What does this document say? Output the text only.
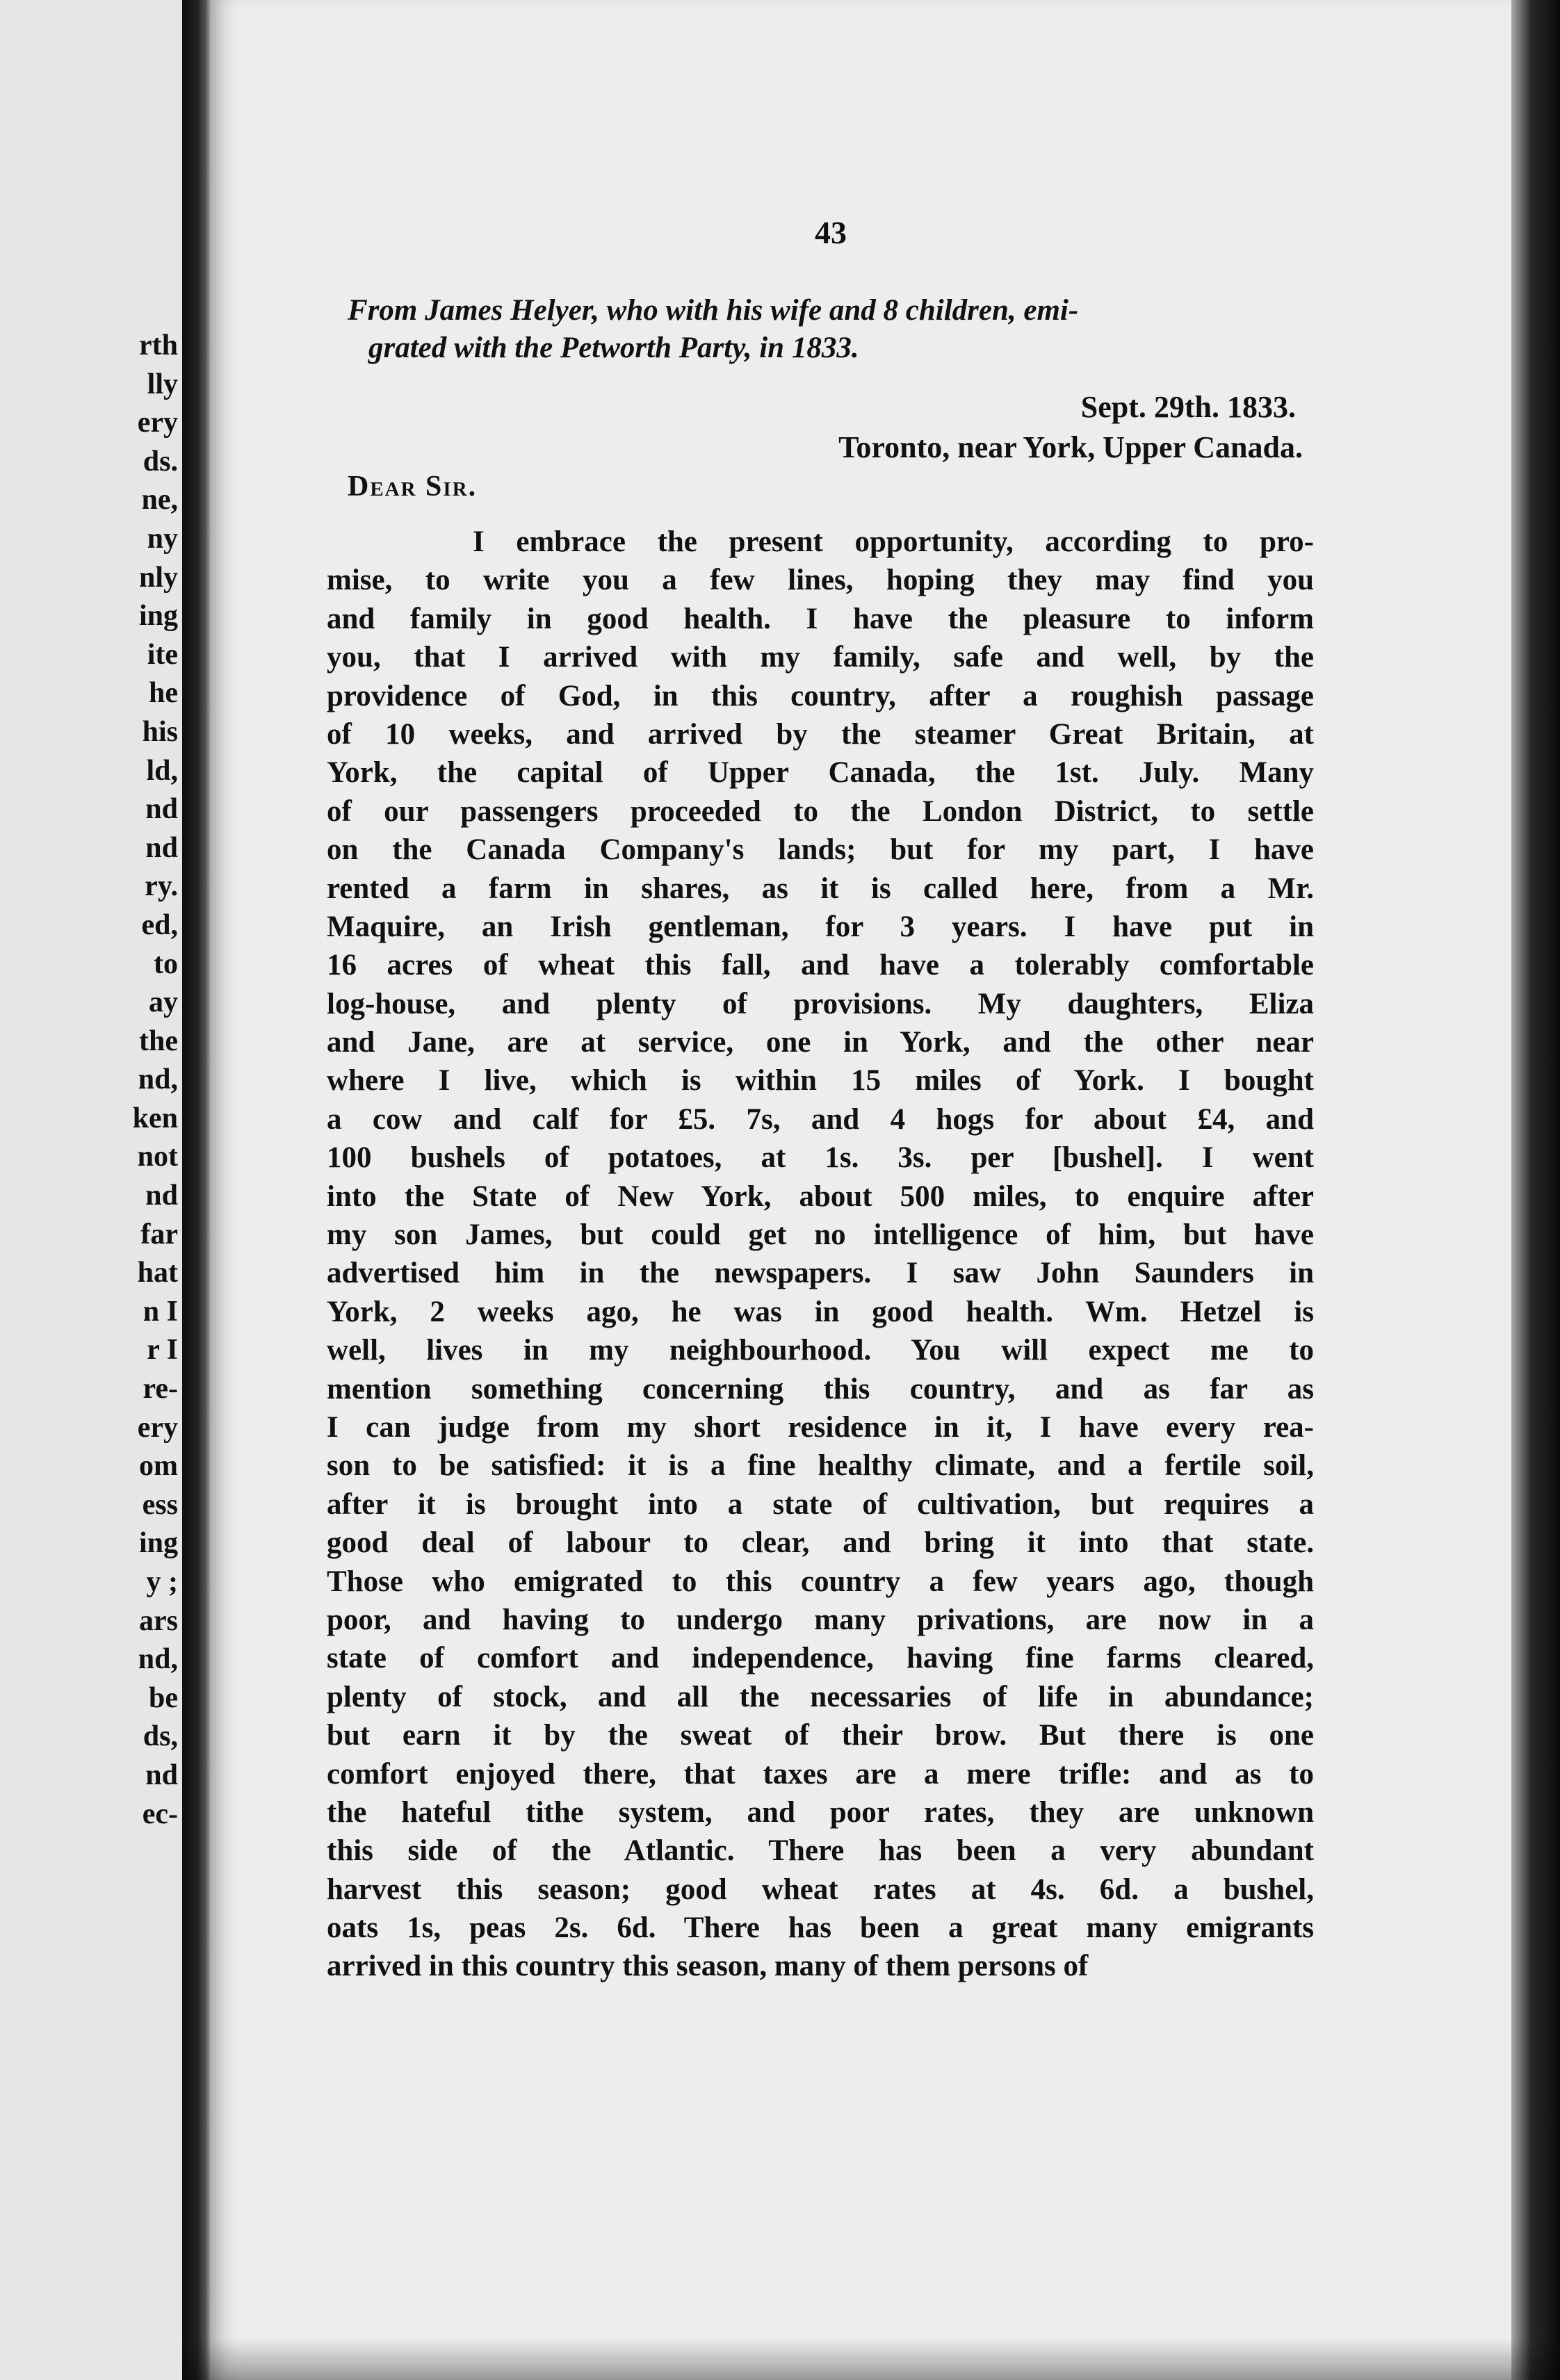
rth
lly
ery
ds.
ne,
ny
nly
ing
ite
he
his
ld,
nd
nd
ry.
ed,
to
ay
the
nd,
ken
not
nd
far
hat
n I
r I
re-
ery
om
ess
ing
y ;
ars
nd,
be
ds,
nd
ec-
43
From James Helyer, who with his wife and 8 children, emi-
grated with the Petworth Party, in 1833.
Sept. 29th. 1833.
Toronto, near York, Upper Canada.
Dear Sir.
I embrace the present opportunity, according to pro-
mise, to write you a few lines, hoping they may find you
and family in good health. I have the pleasure to inform
you, that I arrived with my family, safe and well, by the
providence of God, in this country, after a roughish passage
of 10 weeks, and arrived by the steamer Great Britain, at
York, the capital of Upper Canada, the 1st. July. Many
of our passengers proceeded to the London District, to settle
on the Canada Company's lands; but for my part, I have
rented a farm in shares, as it is called here, from a Mr.
Maquire, an Irish gentleman, for 3 years. I have put in
16 acres of wheat this fall, and have a tolerably comfortable
log-house, and plenty of provisions. My daughters, Eliza
and Jane, are at service, one in York, and the other near
where I live, which is within 15 miles of York. I bought
a cow and calf for £5. 7s, and 4 hogs for about £4, and
100 bushels of potatoes, at 1s. 3s. per [bushel]. I went
into the State of New York, about 500 miles, to enquire after
my son James, but could get no intelligence of him, but have
advertised him in the newspapers. I saw John Saunders in
York, 2 weeks ago, he was in good health. Wm. Hetzel is
well, lives in my neighbourhood. You will expect me to
mention something concerning this country, and as far as
I can judge from my short residence in it, I have every rea-
son to be satisfied: it is a fine healthy climate, and a fertile soil,
after it is brought into a state of cultivation, but requires a
good deal of labour to clear, and bring it into that state.
Those who emigrated to this country a few years ago, though
poor, and having to undergo many privations, are now in a
state of comfort and independence, having fine farms cleared,
plenty of stock, and all the necessaries of life in abundance;
but earn it by the sweat of their brow. But there is one
comfort enjoyed there, that taxes are a mere trifle: and as to
the hateful tithe system, and poor rates, they are unknown
this side of the Atlantic. There has been a very abundant
harvest this season; good wheat rates at 4s. 6d. a bushel,
oats 1s, peas 2s. 6d. There has been a great many emigrants
arrived in this country this season, many of them persons of
